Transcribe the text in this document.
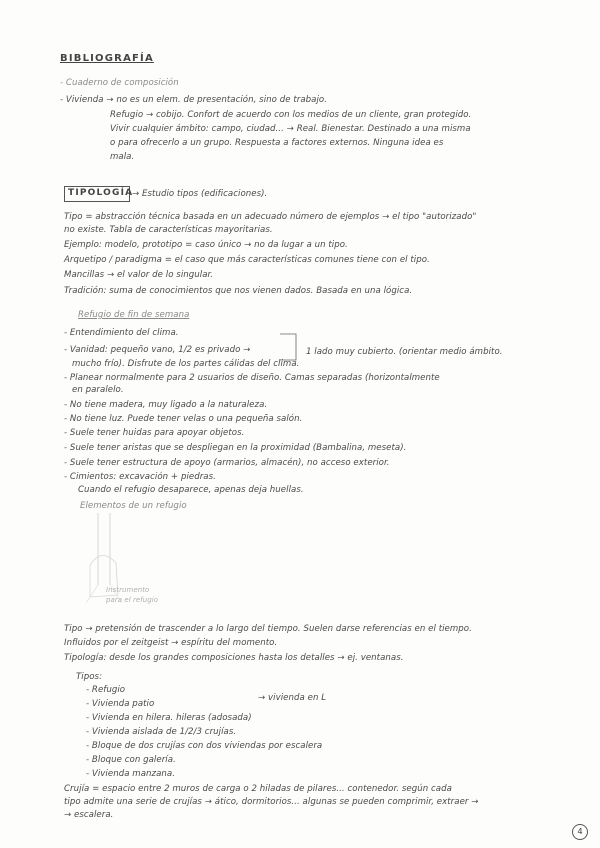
BIBLIOGRAFÍA
- Cuaderno de composición
- Vivienda → no es un elem. de presentación, sino de trabajo.
Refugio → cobijo. Confort de acuerdo con los medios de un cliente, gran protegido.
Vivir cualquier ámbito: campo, ciudad... → Real. Bienestar. Destinado a una misma
o para ofrecerlo a un grupo. Respuesta a factores externos. Ninguna idea es
mala.
TIPOLOGÍA
→ Estudio tipos (edificaciones).
Tipo = abstracción técnica basada en un adecuado número de ejemplos → el tipo "autorizado"
no existe. Tabla de características mayoritarias.
Ejemplo: modelo, prototipo = caso único → no da lugar a un tipo.
Arquetipo / paradigma = el caso que más características comunes tiene con el tipo.
Mancillas → el valor de lo singular.
Tradición: suma de conocimientos que nos vienen dados. Basada en una lógica.
Refugio de fin de semana
- Entendimiento del clima.
- Vanidad: pequeño vano, 1/2 es privado →	1 lado muy cubierto. (orientar medio ámbito.
mucho frío). Disfrute de los partes cálidas del clima.
- Planear normalmente para 2 usuarios de diseño. Camas separadas (horizontalmente
en paralelo.
- No tiene madera, muy ligado a la naturaleza.
- No tiene luz. Puede tener velas o una pequeña salón.
- Suele tener huidas para apoyar objetos.
- Suele tener aristas que se despliegan en la proximidad (Bambalina, meseta).
- Suele tener estructura de apoyo (armarios, almacén), no acceso exterior.
- Cimientos: excavación + piedras.
Cuando el refugio desaparece, apenas deja huellas.
Elementos de un refugio
Instrumento
para el refugio
Tipo → pretensión de trascender a lo largo del tiempo. Suelen darse referencias en el tiempo.
Influidos por el zeitgeist → espíritu del momento.
Tipología: desde los grandes composiciones hasta los detalles → ej. ventanas.
Tipos:
- Refugio
- Vivienda patio
→ vivienda en L
- Vivienda en hilera. hileras (adosada)
- Vivienda aislada de 1/2/3 crujías.
- Bloque de dos crujías con dos viviendas por escalera
- Bloque con galería.
- Vivienda manzana.
Crujía = espacio entre 2 muros de carga o 2 hiladas de pilares... contenedor. según cada
tipo admite una serie de crujías → ático, dormitorios... algunas se pueden comprimir, extraer →
→ escalera.
4
